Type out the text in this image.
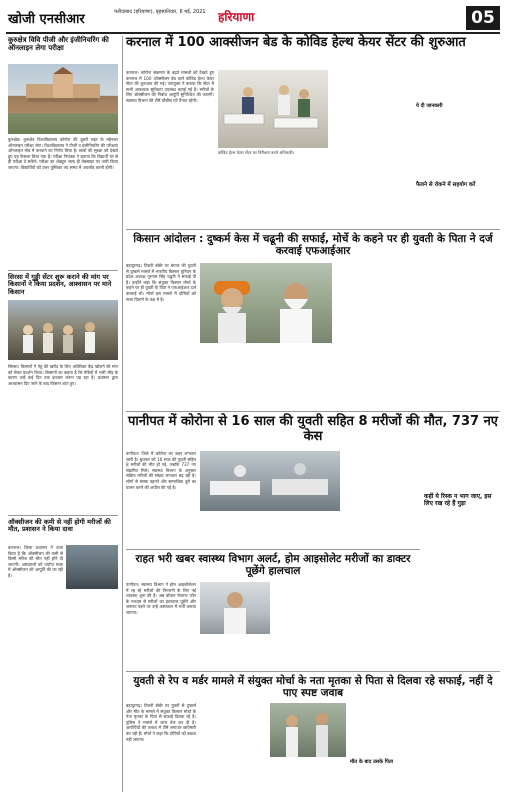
खोजी एनसीआर	फरीदाबाद (हरियाणा), बृहस्पतिवार, 6 मई, 2021	हरियाणा	05
कुरुक्षेत्र विवि पीजी और इंजीनियरिंग की ऑनलाइन लेगा परीक्षा
कुरुक्षेत्र। कुरुक्षेत्र विश्वविद्यालय कोरोना की दूसरी लहर के मद्देनजर ऑनलाइन परीक्षा लेगा। विश्वविद्यालय ने पीजी व इंजीनियरिंग की परीक्षाएं ऑनलाइन मोड में करवाने का निर्णय लिया है। छात्रों की सुरक्षा को देखते हुए यह फैसला लिया गया है। परीक्षा नियंत्रक ने बताया कि विद्यार्थी घर से ही परीक्षा दे सकेंगे। परीक्षा का शेड्यूल जल्द ही वेबसाइट पर जारी किया जाएगा। विद्यार्थियों को उत्तर पुस्तिका तय समय में अपलोड करनी होगी।
सिरसा में गुड्डी सेंटर शुरू कराने की मांग पर किसानों ने किया प्रदर्शन, आश्वासन पर माने किसान
सिरसा। किसानों ने गेहूं की खरीद के लिए अतिरिक्त केंद्र खोलने की मांग को लेकर प्रदर्शन किया। किसानों का कहना है कि मंडियों में भारी भीड़ के कारण उन्हें कई दिन तक इंतजार करना पड़ रहा है। प्रशासन द्वारा आश्वासन दिए जाने के बाद किसान शांत हुए।
ऑक्सीजन की कमी से नहीं होगी मरीजों की मौत, प्रशासन ने किया दावा
करनाल। जिला प्रशासन ने दावा किया है कि ऑक्सीजन की कमी से किसी मरीज की मौत नहीं होने दी जाएगी। अस्पतालों को पर्याप्त मात्रा में ऑक्सीजन की आपूर्ति की जा रही है।
करनाल में 100 आक्सीजन बेड के कोविड हेल्थ केयर सेंटर की शुरुआत
करनाल। कोरोना संक्रमण के बढ़ते मामलों को देखते हुए करनाल में 100 ऑक्सीजन बेड वाले कोविड हेल्थ केयर सेंटर की शुरुआत की गई। उपायुक्त ने बताया कि सेंटर में सभी आवश्यक सुविधाएं उपलब्ध कराई गई हैं। मरीजों के लिए ऑक्सीजन की निर्बाध आपूर्ति सुनिश्चित की जाएगी। स्वास्थ्य विभाग की टीमें चौबीस घंटे तैनात रहेंगी।
कोविड हेल्थ केयर सेंटर का निरीक्षण करते अधिकारी।
ये दी जानकारी
फैलने से रोकने में सहयोग करें
किसान आंदोलन : दुष्कर्म केस में चढूनी की सफाई, मोर्चे के कहने पर ही युवती के पिता ने दर्ज करवाई एफआईआर
बहादुरगढ़। टिकरी बॉर्डर पर बंगाल की युवती से दुष्कर्म मामले में भारतीय किसान यूनियन के प्रदेश अध्यक्ष गुरनाम सिंह चढूनी ने सफाई दी है। उन्होंने कहा कि संयुक्त किसान मोर्चा के कहने पर ही युवती के पिता ने एफआईआर दर्ज करवाई थी। मोर्चा इस मामले में दोषियों को सजा दिलाने के पक्ष में है।
पानीपत में कोरोना से 16 साल की युवती सहित 8 मरीजों की मौत, 737 नए केस
पानीपत। जिले में कोरोना का कहर लगातार जारी है। बुधवार को 16 साल की युवती सहित 8 मरीजों की मौत हो गई, जबकि 737 नए संक्रमित मिले। स्वास्थ्य विभाग के अनुसार सक्रिय मरीजों की संख्या लगातार बढ़ रही है। लोगों से मास्क पहनने और सामाजिक दूरी का पालन करने की अपील की गई है।
कहीं ये रिस्क न भाग जाए, इस लिए रख रहे हैं गुड़ा
राहत भरी खबर स्वास्थ्य विभाग अलर्ट, होम आइसोलेट मरीजों का डाक्टर पूछेंगे हालचाल
पानीपत। स्वास्थ्य विभाग ने होम आइसोलेशन में रह रहे मरीजों की निगरानी के लिए नई व्यवस्था शुरू की है। अब डॉक्टर रोजाना फोन के माध्यम से मरीजों का हालचाल पूछेंगे और जरूरत पड़ने पर उन्हें अस्पताल में भर्ती कराया जाएगा।
युवती से रेप व मर्डर मामले में संयुक्त मोर्चा के नता मृतका से पिता से दिलवा रहे सफाई, नहीं दे पाए स्पष्ट जवाब
बहादुरगढ़। टिकरी बॉर्डर पर युवती से दुष्कर्म और मौत के मामले में संयुक्त किसान मोर्चा के नेता मृतका के पिता से सफाई दिलवा रहे हैं। पुलिस ने मामले में जांच तेज कर दी है। आरोपियों की तलाश में टीमें लगातार छापेमारी कर रही हैं। मोर्चा ने कहा कि दोषियों को बख्शा नहीं जाएगा।
मौत के बाद उसके पिता
